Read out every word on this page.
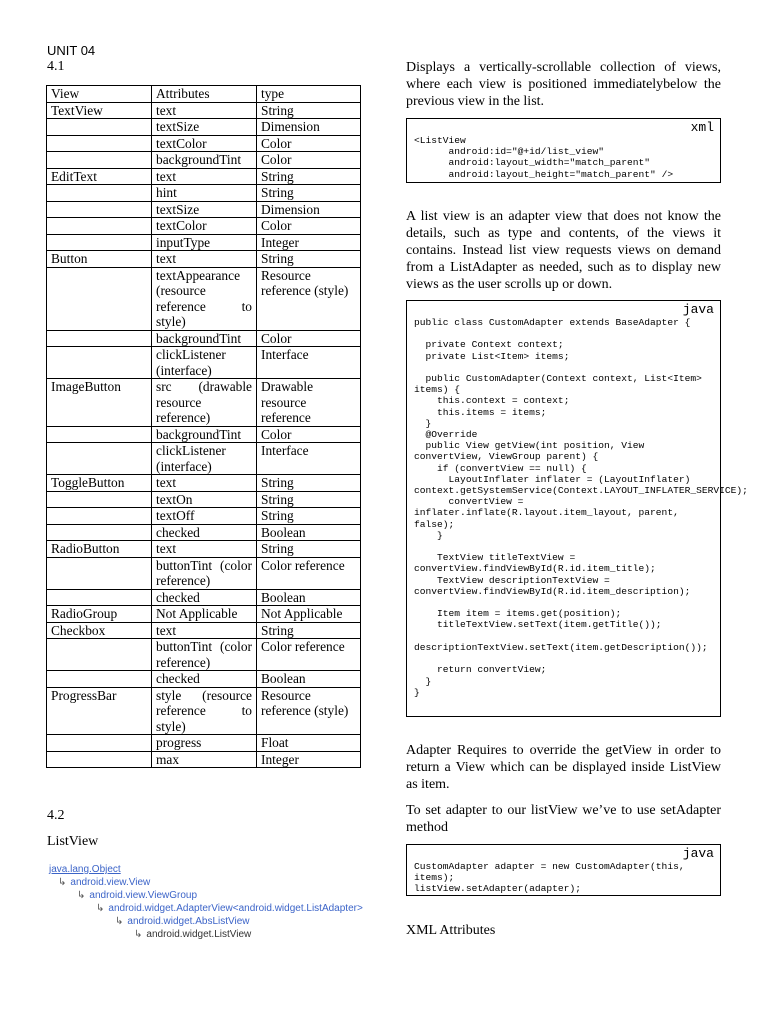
UNIT 04
4.1
View	Attributes	type
TextView	text	String
	textSize	Dimension
	textColor	Color
	backgroundTint	Color
EditText	text	String
	hint	String
	textSize	Dimension
	textColor	Color
	inputType	Integer
Button	text	String
	textAppearance (resource reference to style)	Resource reference (style)
	backgroundTint	Color
	clickListener (interface)	Interface
ImageButton	src (drawable resource reference)	Drawable resource reference
	backgroundTint	Color
	clickListener (interface)	Interface
ToggleButton	text	String
	textOn	String
	textOff	String
	checked	Boolean
RadioButton	text	String
	buttonTint (color reference)	Color reference
	checked	Boolean
RadioGroup	Not Applicable	Not Applicable
Checkbox	text	String
	buttonTint (color reference)	Color reference
	checked	Boolean
ProgressBar	style (resource reference to style)	Resource reference (style)
	progress	Float
	max	Integer
4.2
ListView
java.lang.Object
↳ android.view.View
↳ android.view.ViewGroup
↳ android.widget.AdapterView<android.widget.ListAdapter>
↳ android.widget.AbsListView
↳ android.widget.ListView
Displays a vertically-scrollable collection of views, where each view is positioned immediatelybelow the previous view in the list.
xml
<ListView
android:id="@+id/list_view"
android:layout_width="match_parent"
android:layout_height="match_parent" />
A list view is an adapter view that does not know the details, such as type and contents, of the views it contains. Instead list view requests views on demand from a ListAdapter as needed, such as to display new views as the user scrolls up or down.
java
public class CustomAdapter extends BaseAdapter {

private Context context;
private List<Item> items;

public CustomAdapter(Context context, List<Item> items) {
this.context = context;
this.items = items;
}
@Override
public View getView(int position, View convertView, ViewGroup parent) {
if (convertView == null) {
LayoutInflater inflater = (LayoutInflater) context.getSystemService(Context.LAYOUT_INFLATER_SERVICE);
convertView = inflater.inflate(R.layout.item_layout, parent, false);
}

TextView titleTextView = convertView.findViewById(R.id.item_title);
TextView descriptionTextView = convertView.findViewById(R.id.item_description);

Item item = items.get(position);
titleTextView.setText(item.getTitle());

descriptionTextView.setText(item.getDescription());

return convertView;
}
}
Adapter Requires to override the getView in order to return a View which can be displayed inside ListView as item.
To set adapter to our listView we’ve to use setAdapter method
java
CustomAdapter adapter = new CustomAdapter(this, items);
listView.setAdapter(adapter);
XML Attributes
